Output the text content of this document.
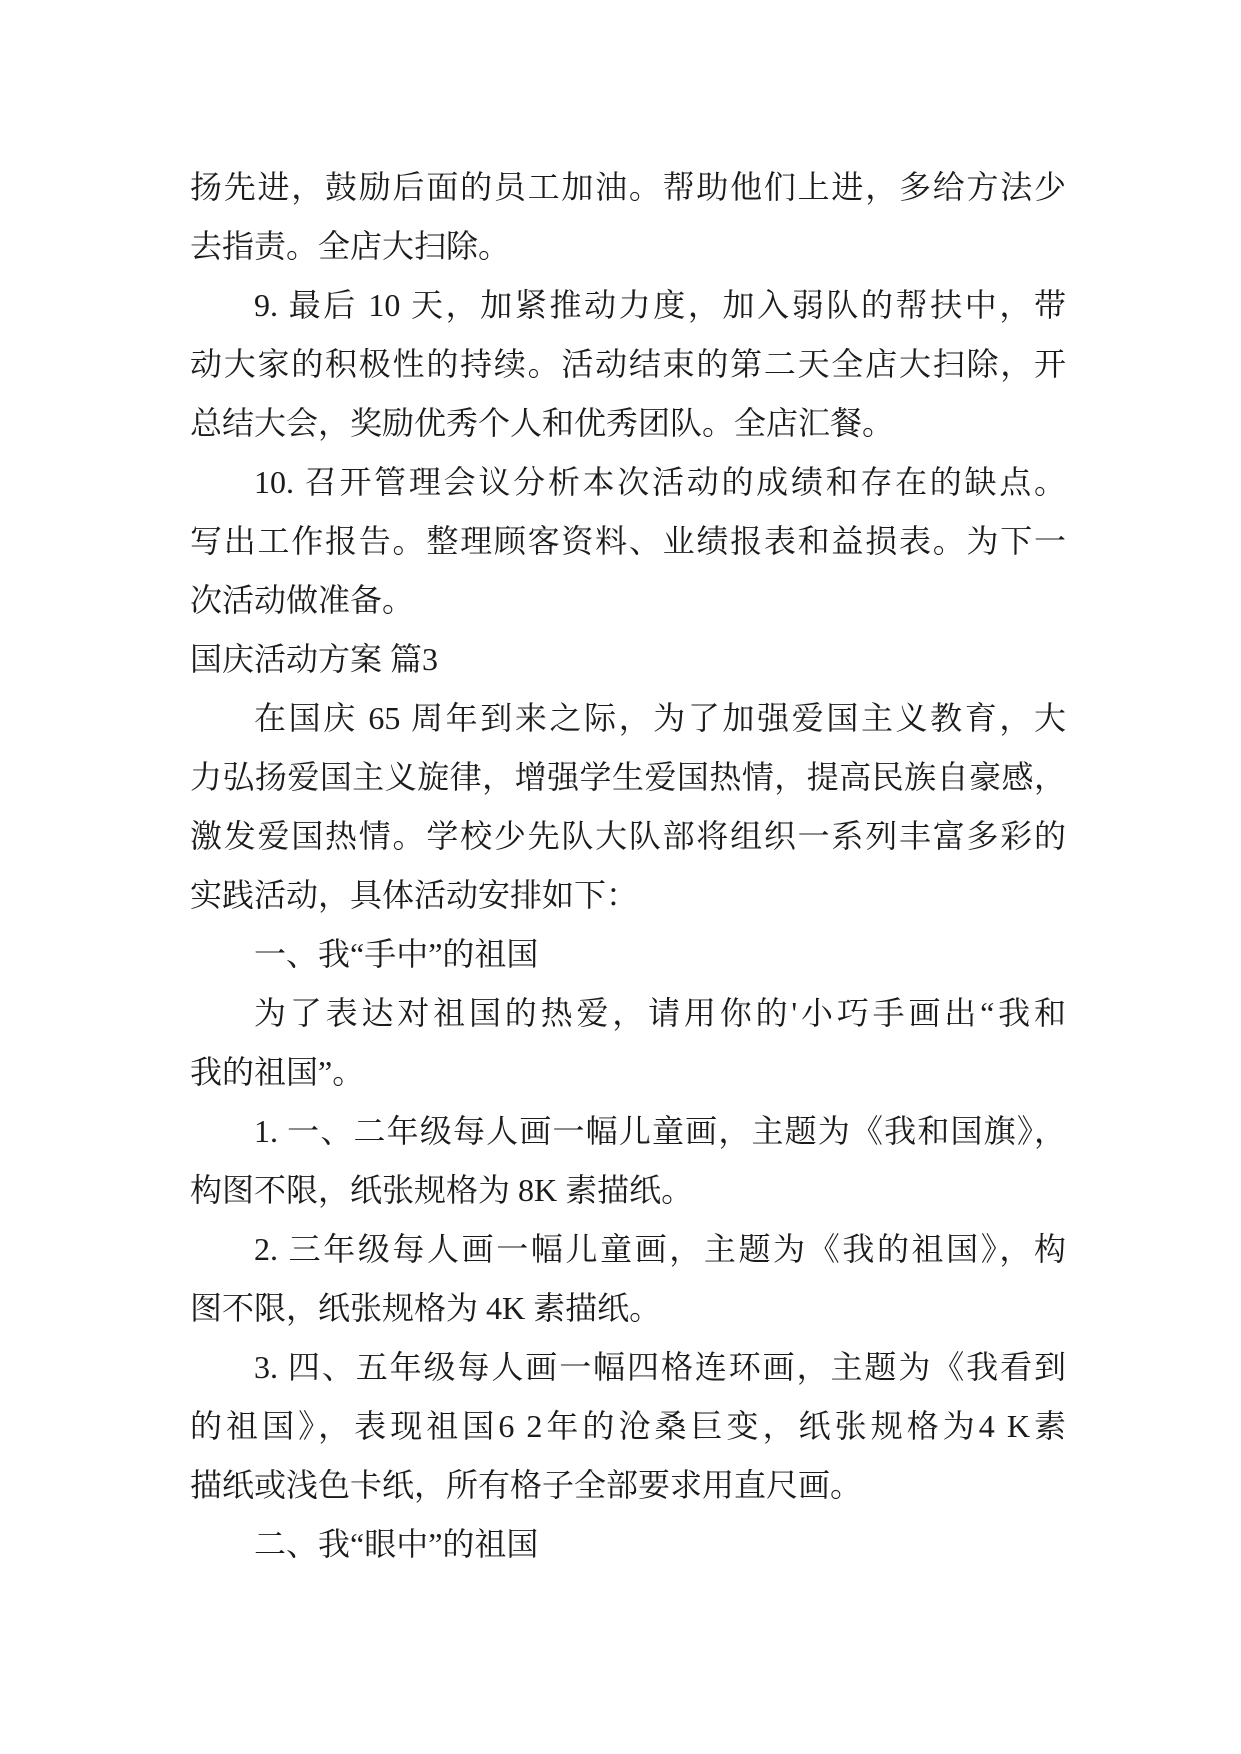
扬先进，鼓励后面的员工加油。帮助他们上进，多给方法少
去指责。全店大扫除。
9. 最后 10 天，加紧推动力度，加入弱队的帮扶中，带
动大家的积极性的持续。活动结束的第二天全店大扫除，开
总结大会，奖励优秀个人和优秀团队。全店汇餐。
10. 召开管理会议分析本次活动的成绩和存在的缺点。
写出工作报告。整理顾客资料、业绩报表和益损表。为下一
次活动做准备。
国庆活动方案 篇3
在国庆 65 周年到来之际，为了加强爱国主义教育，大
力弘扬爱国主义旋律，增强学生爱国热情，提高民族自豪感，
激发爱国热情。学校少先队大队部将组织一系列丰富多彩的
实践活动，具体活动安排如下：
一、我“手中”的祖国
为了表达对祖国的热爱，请用你的'小巧手画出“我和
我的祖国”。
1. 一、二年级每人画一幅儿童画，主题为《我和国旗》，
构图不限，纸张规格为 8K 素描纸。
2. 三年级每人画一幅儿童画，主题为《我的祖国》，构
图不限，纸张规格为 4K 素描纸。
3. 四、五年级每人画一幅四格连环画，主题为《我看到
的祖国》，表现祖国6 2年的沧桑巨变，纸张规格为4 K素
描纸或浅色卡纸，所有格子全部要求用直尺画。
二、我“眼中”的祖国
